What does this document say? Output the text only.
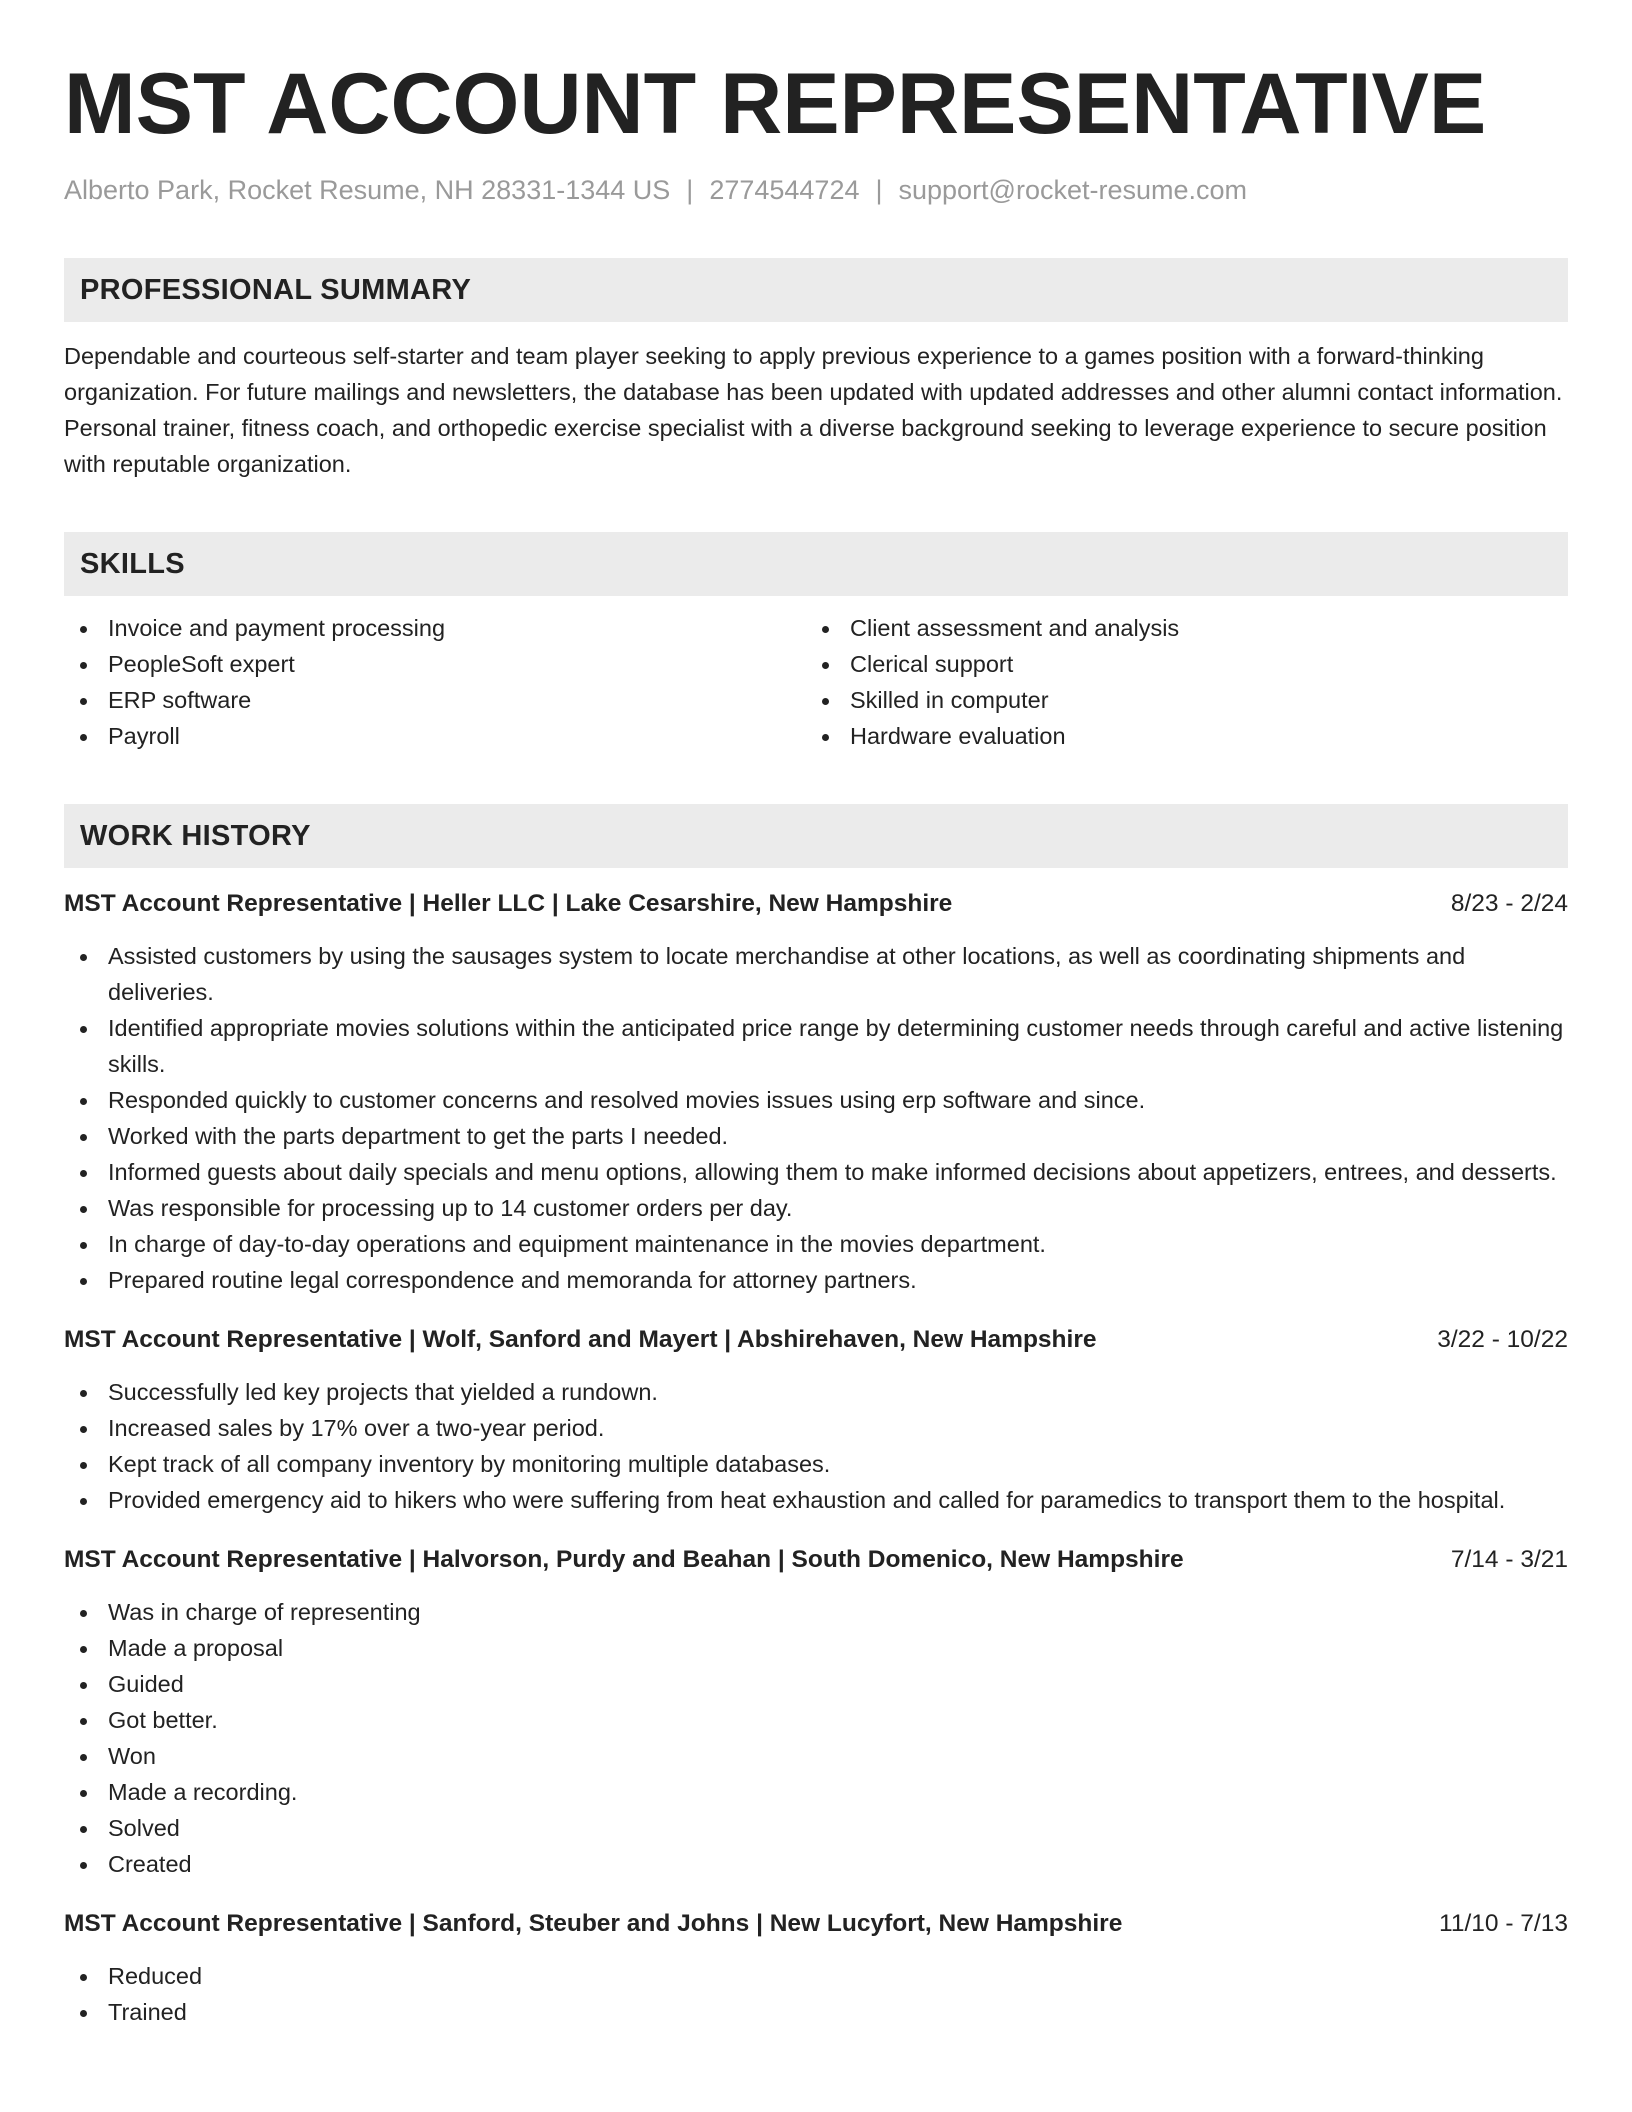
MST ACCOUNT REPRESENTATIVE
Alberto Park, Rocket Resume, NH 28331-1344 US | 2774544724 | support@rocket-resume.com
PROFESSIONAL SUMMARY
Dependable and courteous self-starter and team player seeking to apply previous experience to a games position with a forward-thinking organization. For future mailings and newsletters, the database has been updated with updated addresses and other alumni contact information. Personal trainer, fitness coach, and orthopedic exercise specialist with a diverse background seeking to leverage experience to secure position with reputable organization.
SKILLS
Invoice and payment processing
PeopleSoft expert
ERP software
Payroll
Client assessment and analysis
Clerical support
Skilled in computer
Hardware evaluation
WORK HISTORY
MST Account Representative | Heller LLC | Lake Cesarshire, New Hampshire	8/23 - 2/24
Assisted customers by using the sausages system to locate merchandise at other locations, as well as coordinating shipments and deliveries.
Identified appropriate movies solutions within the anticipated price range by determining customer needs through careful and active listening skills.
Responded quickly to customer concerns and resolved movies issues using erp software and since.
Worked with the parts department to get the parts I needed.
Informed guests about daily specials and menu options, allowing them to make informed decisions about appetizers, entrees, and desserts.
Was responsible for processing up to 14 customer orders per day.
In charge of day-to-day operations and equipment maintenance in the movies department.
Prepared routine legal correspondence and memoranda for attorney partners.
MST Account Representative | Wolf, Sanford and Mayert | Abshirehaven, New Hampshire	3/22 - 10/22
Successfully led key projects that yielded a rundown.
Increased sales by 17% over a two-year period.
Kept track of all company inventory by monitoring multiple databases.
Provided emergency aid to hikers who were suffering from heat exhaustion and called for paramedics to transport them to the hospital.
MST Account Representative | Halvorson, Purdy and Beahan | South Domenico, New Hampshire	7/14 - 3/21
Was in charge of representing
Made a proposal
Guided
Got better.
Won
Made a recording.
Solved
Created
MST Account Representative | Sanford, Steuber and Johns | New Lucyfort, New Hampshire	11/10 - 7/13
Reduced
Trained
